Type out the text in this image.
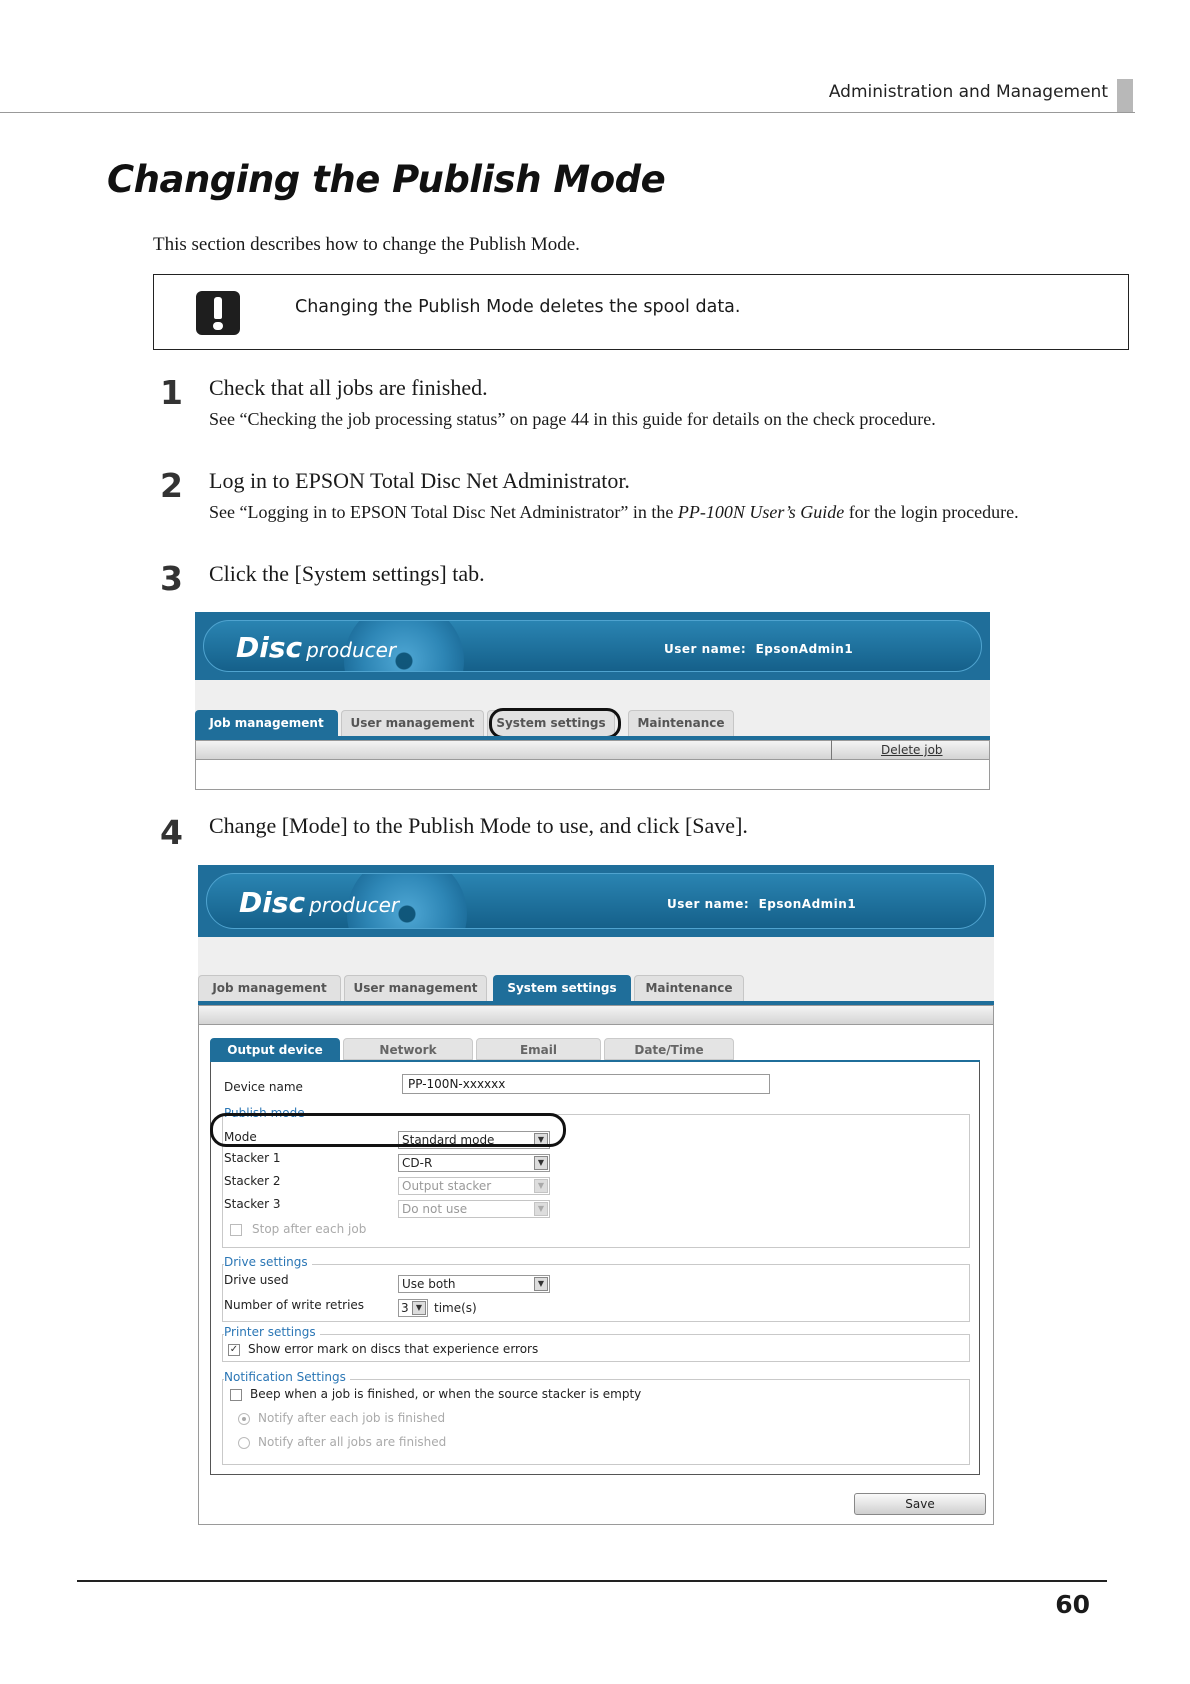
Administration and Management
Changing the Publish Mode

This section describes how to change the Publish Mode.

Changing the Publish Mode deletes the spool data.
1 Check that all jobs are finished.
See “Checking the job processing status” on page 44 in this guide for details on the check procedure.
2 Log in to EPSON Total Disc Net Administrator.
See “Logging in to EPSON Total Disc Net Administrator” in the PP-100N User’s Guide for the login procedure.
3 Click the [System settings] tab.
Disc producer	User name: EpsonAdmin1
Job management	User management	System settings	Maintenance
Delete job
4 Change [Mode] to the Publish Mode to use, and click [Save].
Disc producer	User name: EpsonAdmin1
Job management	User management	System settings	Maintenance
Output device	Network	Email	Date/Time
Device name	PP-100N-xxxxxx
Publish mode
Mode	Standard mode	▼
Stacker 1	CD-R	▼
Stacker 2	Output stacker	▼
Stacker 3	Do not use	▼
Stop after each job
Drive settings
Drive used	Use both	▼
Number of write retries	3 ▼ time(s)
Printer settings
✓ Show error mark on discs that experience errors
Notification Settings
Beep when a job is finished, or when the source stacker is empty
Notify after each job is finished
Notify after all jobs are finished
Save
60
